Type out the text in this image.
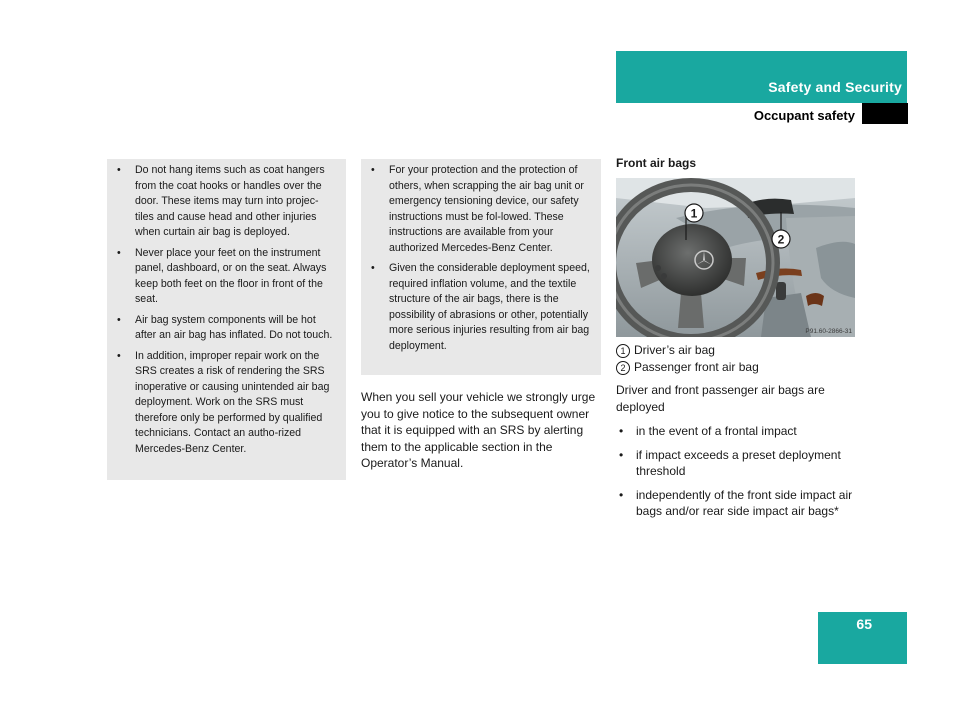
Safety and Security
Occupant safety
• Do not hang items such as coat hangers from the coat hooks or handles over the door. These items may turn into projec-tiles and cause head and other injuries when curtain air bag is deployed.
• Never place your feet on the instrument panel, dashboard, or on the seat. Always keep both feet on the floor in front of the seat.
• Air bag system components will be hot after an air bag has inflated. Do not touch.
• In addition, improper repair work on the SRS creates a risk of rendering the SRS inoperative or causing unintended air bag deployment. Work on the SRS must therefore only be performed by qualified technicians. Contact an autho-rized Mercedes-Benz Center.
• For your protection and the protection of others, when scrapping the air bag unit or emergency tensioning device, our safety instructions must be fol-lowed. These instructions are available from your authorized Mercedes-Benz Center.
• Given the considerable deployment speed, required inflation volume, and the textile structure of the air bags, there is the possibility of abrasions or other, potentially more serious injuries resulting from air bag deployment.
When you sell your vehicle we strongly urge you to give notice to the subsequent owner that it is equipped with an SRS by alerting them to the applicable section in the Operator’s Manual.
Front air bags
1
2
P91.60-2866-31
1 Driver’s air bag
2 Passenger front air bag
Driver and front passenger air bags are deployed
• in the event of a frontal impact
• if impact exceeds a preset deployment threshold
• independently of the front side impact air bags and/or rear side impact air bags*
65
